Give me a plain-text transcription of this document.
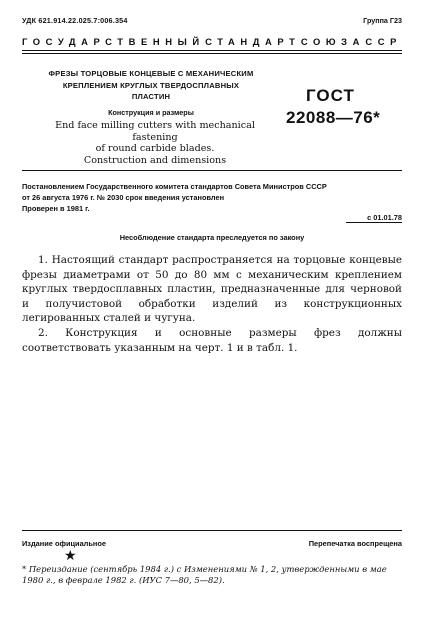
УДК 621.914.22.025.7:006.354	Группа Г23
ГОСУДАРСТВЕННЫЙ СТАНДАРТ СОЮЗА ССР
ФРЕЗЫ ТОРЦОВЫЕ КОНЦЕВЫЕ С МЕХАНИЧЕСКИМ
КРЕПЛЕНИЕМ КРУГЛЫХ ТВЕРДОСПЛАВНЫХ
ПЛАСТИН
Конструкция и размеры
End face milling cutters with mechanical fastening
of round carbide blades.
Construction and dimensions
ГОСТ
22088—76*
Постановлением Государственного комитета стандартов Совета Министров СССР
от 26 августа 1976 г. № 2030 срок введения установлен
Проверен в 1981 г.
с 01.01.78
Несоблюдение стандарта преследуется по закону

1. Настоящий стандарт распространяется на торцовые концевые фрезы диаметрами от 50 до 80 мм с механическим креплением круглых твердосплавных пластин, предназначенные для черновой и получистовой обработки изделий из конструкционных легированных сталей и чугуна.

2. Конструкция и основные размеры фрез должны соответствовать указанным на черт. 1 и в табл. 1.

Издание официальное	Перепечатка воспрещена
★
* Переиздание (сентябрь 1984 г.) с Изменениями № 1, 2, утвержденными в мае 1980 г., в феврале 1982 г. (ИУС 7—80, 5—82).
